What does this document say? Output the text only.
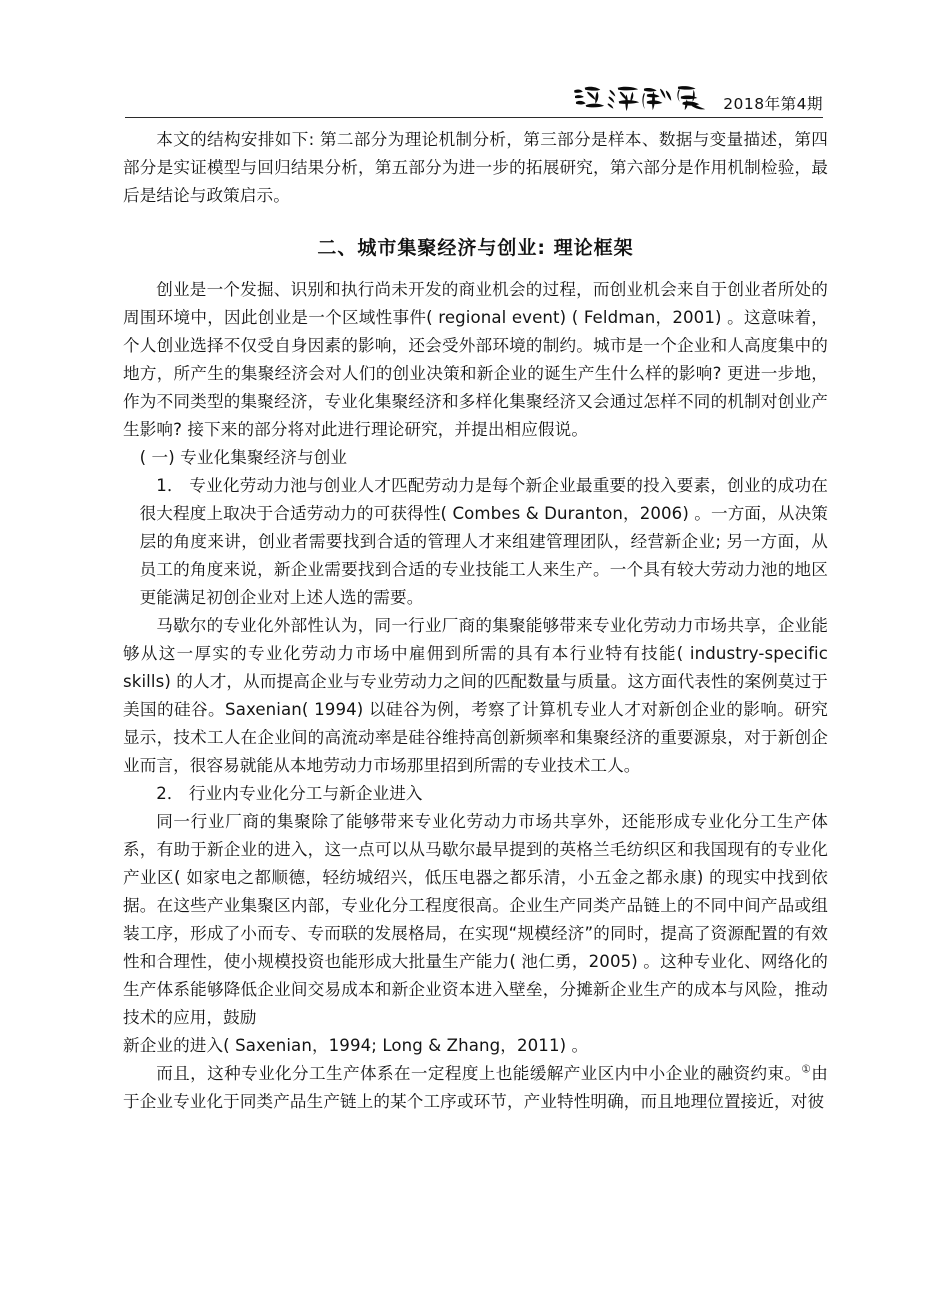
2018年第4期

本文的结构安排如下: 第二部分为理论机制分析，第三部分是样本、数据与变量描述，第四部分是实证模型与回归结果分析，第五部分为进一步的拓展研究，第六部分是作用机制检验，最后是结论与政策启示。

二、城市集聚经济与创业: 理论框架

创业是一个发掘、识别和执行尚未开发的商业机会的过程，而创业机会来自于创业者所处的周围环境中，因此创业是一个区域性事件( regional event) ( Feldman，2001) 。这意味着，个人创业选择不仅受自身因素的影响，还会受外部环境的制约。城市是一个企业和人高度集中的地方，所产生的集聚经济会对人们的创业决策和新企业的诞生产生什么样的影响? 更进一步地，作为不同类型的集聚经济，专业化集聚经济和多样化集聚经济又会通过怎样不同的机制对创业产生影响? 接下来的部分将对此进行理论研究，并提出相应假说。

( 一) 专业化集聚经济与创业

1． 专业化劳动力池与创业人才匹配劳动力是每个新企业最重要的投入要素，创业的成功在很大程度上取决于合适劳动力的可获得性( Combes & Duranton，2006) 。一方面，从决策层的角度来讲，创业者需要找到合适的管理人才来组建管理团队，经营新企业; 另一方面，从员工的角度来说，新企业需要找到合适的专业技能工人来生产。一个具有较大劳动力池的地区更能满足初创企业对上述人选的需要。

马歇尔的专业化外部性认为，同一行业厂商的集聚能够带来专业化劳动力市场共享，企业能够从这一厚实的专业化劳动力市场中雇佣到所需的具有本行业特有技能( industry-specific skills) 的人才，从而提高企业与专业劳动力之间的匹配数量与质量。这方面代表性的案例莫过于美国的硅谷。Saxenian( 1994) 以硅谷为例，考察了计算机专业人才对新创企业的影响。研究显示，技术工人在企业间的高流动率是硅谷维持高创新频率和集聚经济的重要源泉，对于新创企业而言，很容易就能从本地劳动力市场那里招到所需的专业技术工人。

2． 行业内专业化分工与新企业进入

同一行业厂商的集聚除了能够带来专业化劳动力市场共享外，还能形成专业化分工生产体系，有助于新企业的进入，这一点可以从马歇尔最早提到的英格兰毛纺织区和我国现有的专业化产业区( 如家电之都顺德，轻纺城绍兴，低压电器之都乐清，小五金之都永康) 的现实中找到依据。在这些产业集聚区内部，专业化分工程度很高。企业生产同类产品链上的不同中间产品或组装工序，形成了小而专、专而联的发展格局，在实现“规模经济”的同时，提高了资源配置的有效性和合理性，使小规模投资也能形成大批量生产能力( 池仁勇，2005) 。这种专业化、网络化的生产体系能够降低企业间交易成本和新企业资本进入壁垒，分摊新企业生产的成本与风险，推动技术的应用，鼓励

新企业的进入( Saxenian，1994; Long & Zhang，2011) 。

而且，这种专业化分工生产体系在一定程度上也能缓解产业区内中小企业的融资约束。①由于企业专业化于同类产品生产链上的某个工序或环节，产业特性明确，而且地理位置接近，对彼
